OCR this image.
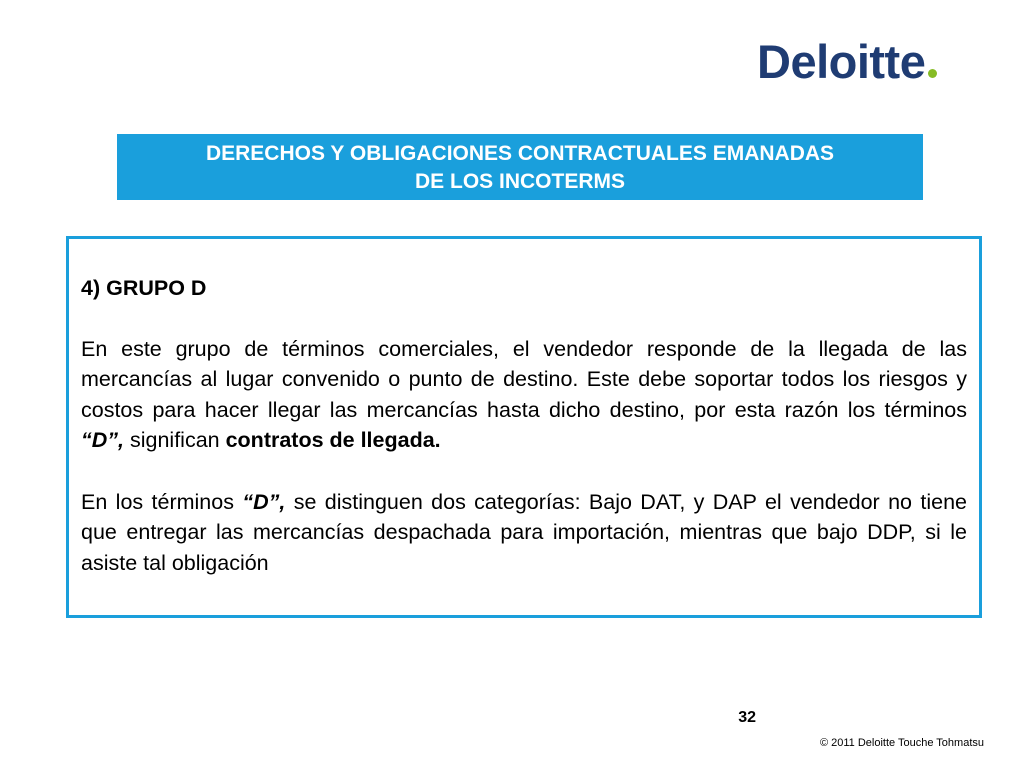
Deloitte
DERECHOS Y OBLIGACIONES CONTRACTUALES EMANADAS
DE LOS INCOTERMS

4) GRUPO D

En este grupo de términos comerciales, el vendedor responde de la llegada de las mercancías al lugar convenido o punto de destino. Este debe soportar todos los riesgos y costos para hacer llegar las mercancías hasta dicho destino, por esta razón los términos “D”, significan contratos de llegada.

En los términos “D”, se distinguen dos categorías: Bajo DAT, y DAP el vendedor no tiene que entregar las mercancías despachada para importación, mientras que bajo DDP, si le asiste tal obligación

32
© 2011 Deloitte Touche Tohmatsu
